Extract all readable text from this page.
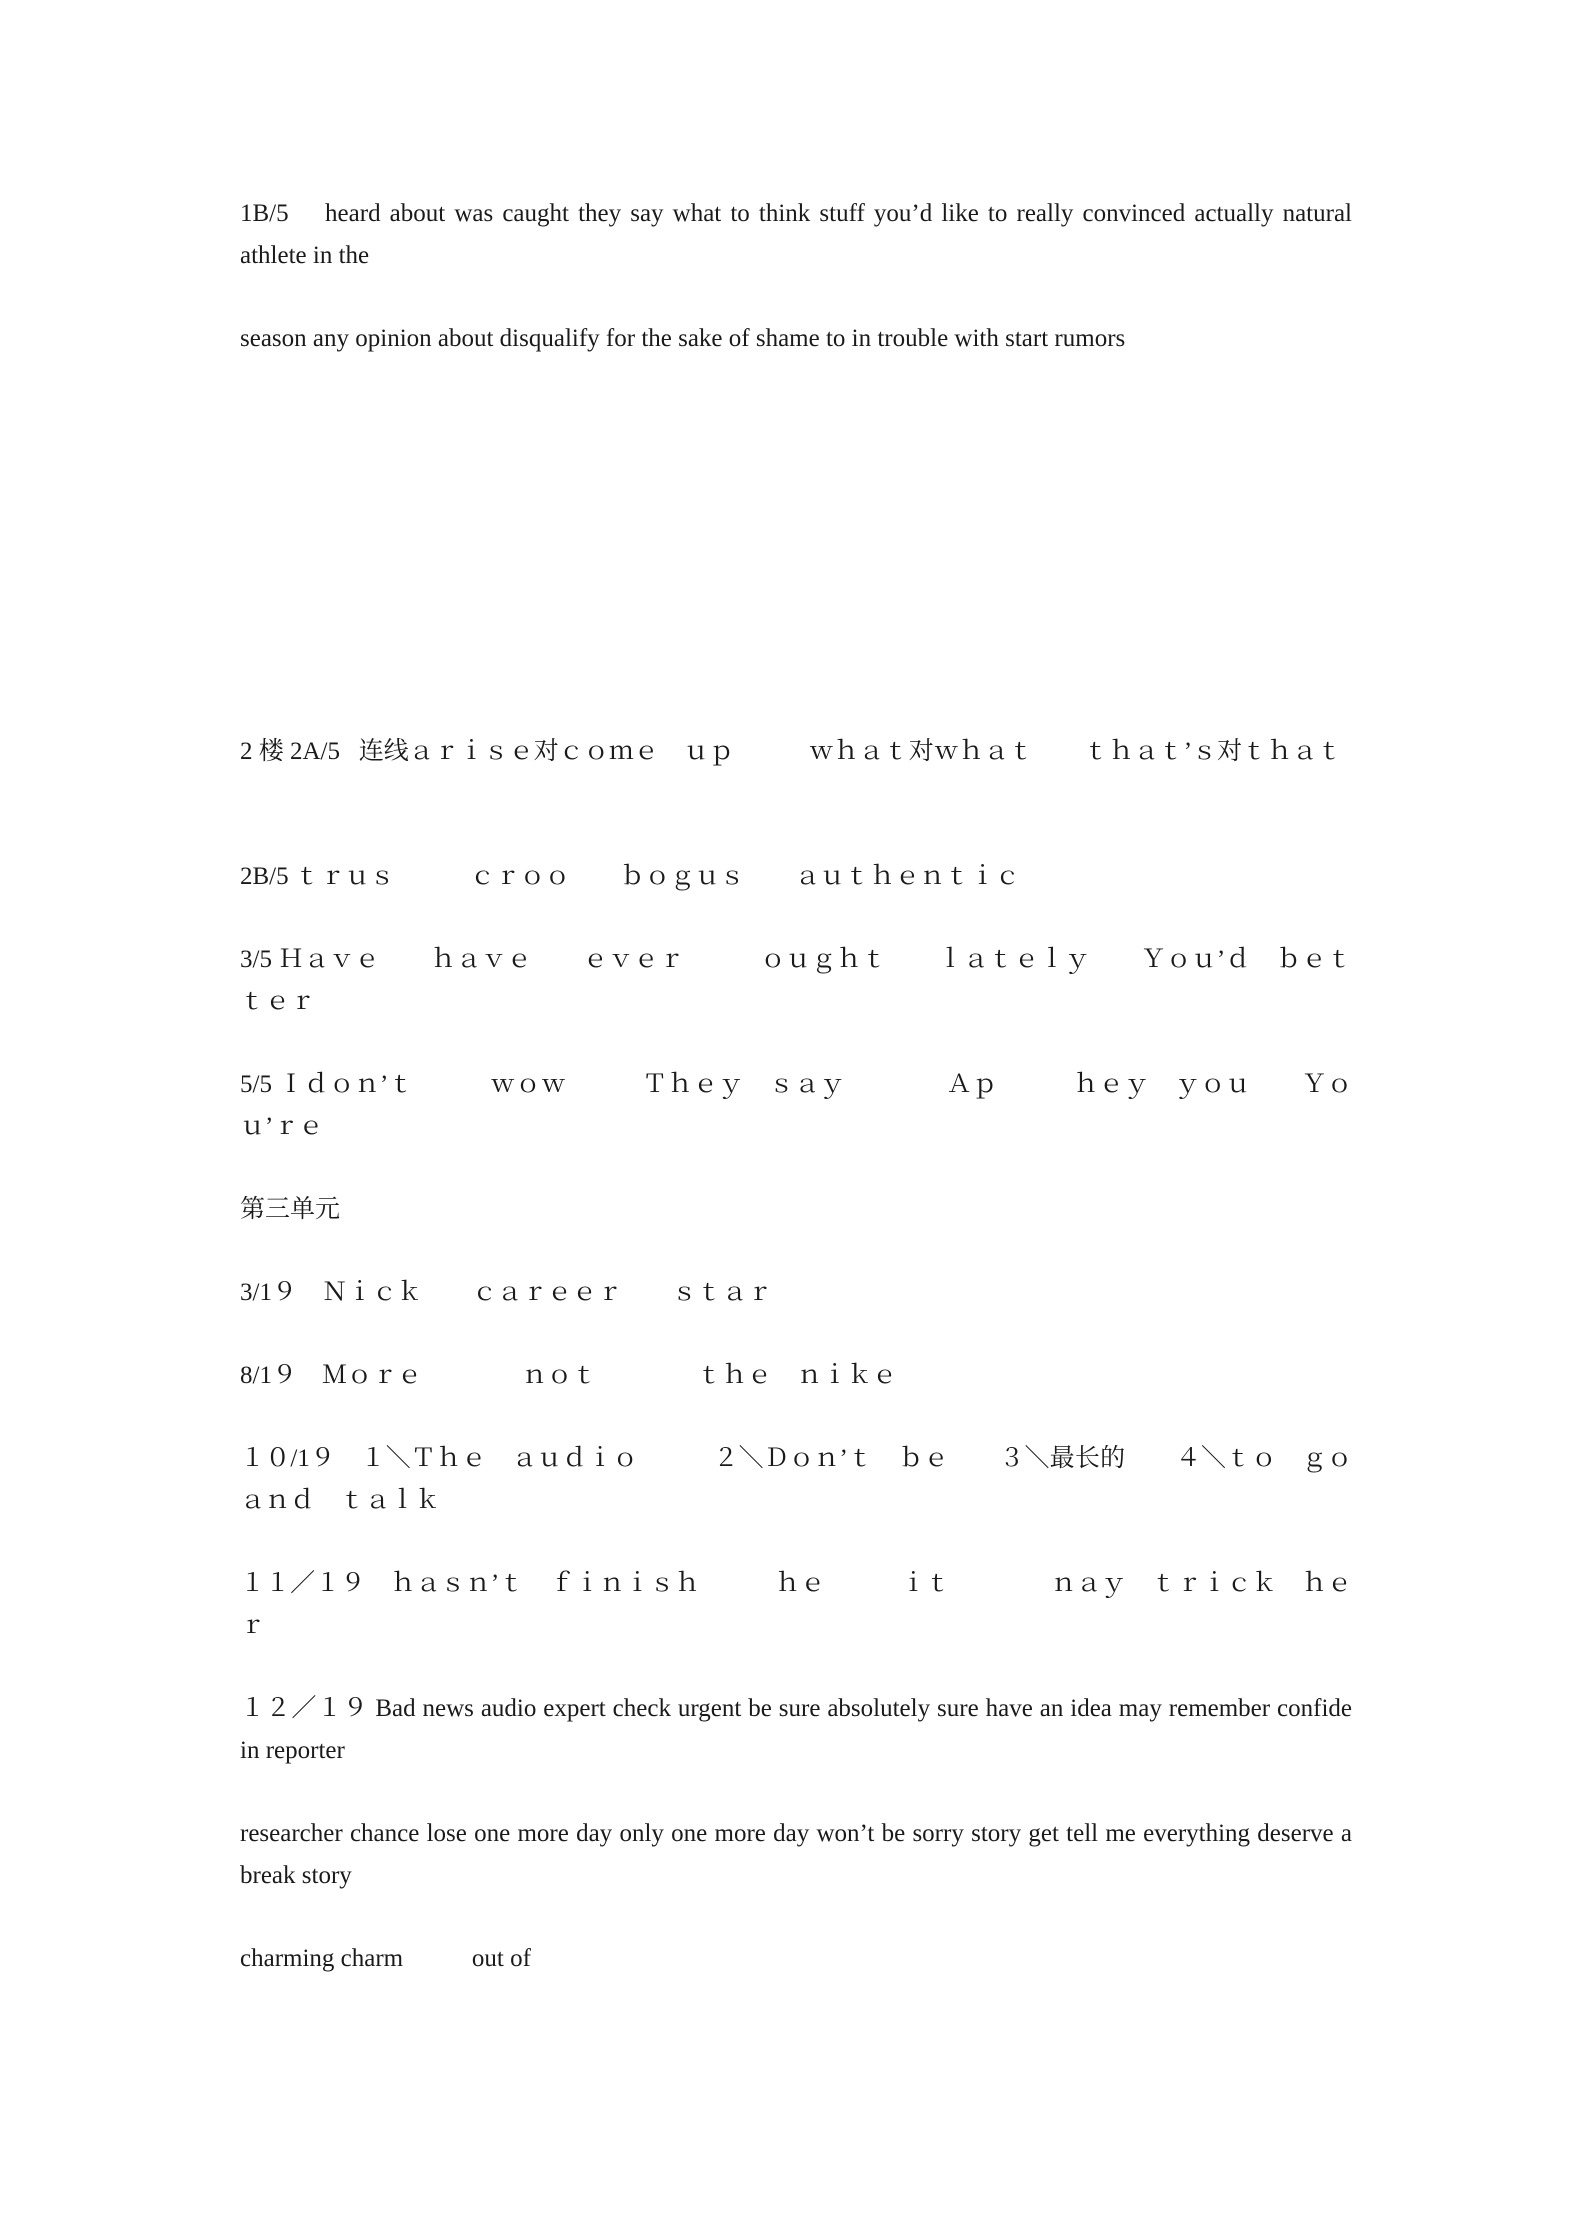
1B/5    heard about was caught they say what to think stuff you’d like to really convinced actually natural athlete in the

season any opinion about disqualify for the sake of shame to in trouble with start rumors

2 楼 2A/5   连线ａｒｉｓｅ对ｃｏｍｅ　ｕｐ　　　ｗｈａｔ对ｗｈａｔ　　ｔｈａｔ’ｓ对ｔｈａｔ

2B/5 ｔｒｕｓ　　　ｃｒｏｏ　　ｂｏｇｕｓ　　ａｕｔｈｅｎｔｉｃ

3/5 Ｈａｖｅ　　ｈａｖｅ　　ｅｖｅｒ　　　ｏｕｇｈｔ　　ｌａｔｅｌｙ　　Ｙｏｕ’ｄ　ｂｅｔｔｅｒ

5/5 Ｉｄｏｎ’ｔ　　　ｗｏｗ　　　Ｔｈｅｙ　ｓａｙ　　　　Ａｐ　　　ｈｅｙ　ｙｏｕ　　Ｙｏｕ’ｒｅ

第三单元

3/1９　Ｎｉｃｋ　　ｃａｒｅｅｒ　　ｓｔａｒ

8/1９　Ｍｏｒｅ　　　　ｎｏｔ　　　　ｔｈｅ　ｎｉｋｅ

１０/1９　１＼Ｔｈｅ　ａｕｄｉｏ　　　２＼Ｄｏｎ’ｔ　ｂｅ　　３＼最长的　　４＼ｔｏ　ｇｏ　ａｎｄ　ｔａｌｋ

１１／１９　ｈａｓｎ’ｔ　ｆｉｎｉｓｈ　　　ｈｅ　　　ｉｔ　　　　ｎａｙ　ｔｒｉｃｋ　ｈｅｒ

１２／１９ Bad news audio expert check urgent be sure absolutely sure have an idea may remember confide in reporter

researcher chance lose one more day only one more day won’t be sorry story get tell me everything deserve a break story

charming charm           out of
